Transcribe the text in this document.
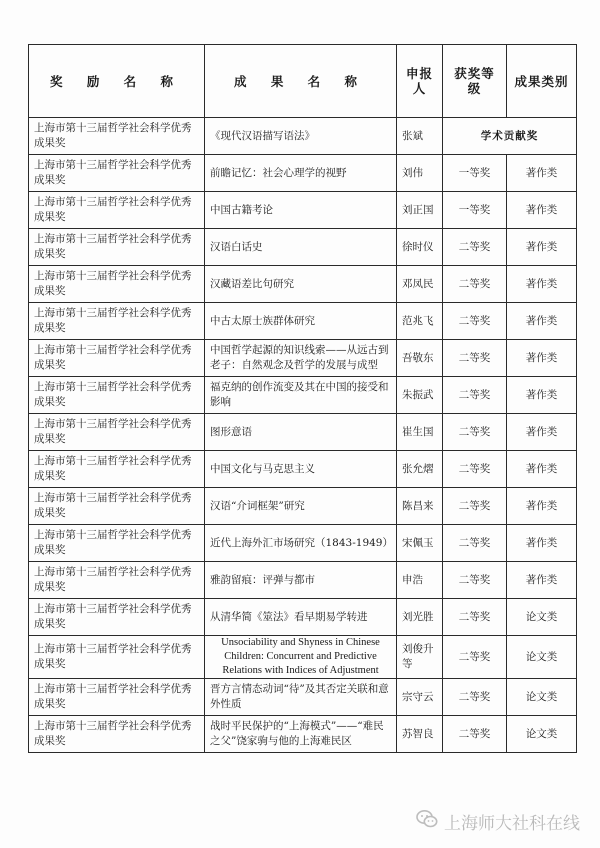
奖 励 名 称	成 果 名 称	申报人	获奖等级	成果类别
上海市第十三届哲学社会科学优秀成果奖	《现代汉语描写语法》	张斌	学术贡献奖	
上海市第十三届哲学社会科学优秀成果奖	前瞻记忆：社会心理学的视野	刘伟	一等奖	著作类
上海市第十三届哲学社会科学优秀成果奖	中国古籍考论	刘正国	一等奖	著作类
上海市第十三届哲学社会科学优秀成果奖	汉语白话史	徐时仪	二等奖	著作类
上海市第十三届哲学社会科学优秀成果奖	汉藏语差比句研究	邓凤民	二等奖	著作类
上海市第十三届哲学社会科学优秀成果奖	中古太原士族群体研究	范兆飞	二等奖	著作类
上海市第十三届哲学社会科学优秀成果奖	中国哲学起源的知识线索——从远古到老子：自然观念及哲学的发展与成型	吾敬东	二等奖	著作类
上海市第十三届哲学社会科学优秀成果奖	福克纳的创作流变及其在中国的接受和影响	朱振武	二等奖	著作类
上海市第十三届哲学社会科学优秀成果奖	图形意语	崔生国	二等奖	著作类
上海市第十三届哲学社会科学优秀成果奖	中国文化与马克思主义	张允熠	二等奖	著作类
上海市第十三届哲学社会科学优秀成果奖	汉语“介词框架”研究	陈昌来	二等奖	著作类
上海市第十三届哲学社会科学优秀成果奖	近代上海外汇市场研究（1843-1949）	宋佩玉	二等奖	著作类
上海市第十三届哲学社会科学优秀成果奖	雅韵留痕：评弹与都市	申浩	二等奖	著作类
上海市第十三届哲学社会科学优秀成果奖	从清华简《筮法》看早期易学转进	刘光胜	二等奖	论文类
上海市第十三届哲学社会科学优秀成果奖	Unsociability and Shyness in Chinese Children: Concurrent and Predictive Relations with Indices of Adjustment	刘俊升等	二等奖	论文类
上海市第十三届哲学社会科学优秀成果奖	晋方言情态动词“待”及其否定关联和意外性质	宗守云	二等奖	论文类
上海市第十三届哲学社会科学优秀成果奖	战时平民保护的“上海模式”——“难民之父”饶家驹与他的上海难民区	苏智良	二等奖	论文类
上海师大社科在线
